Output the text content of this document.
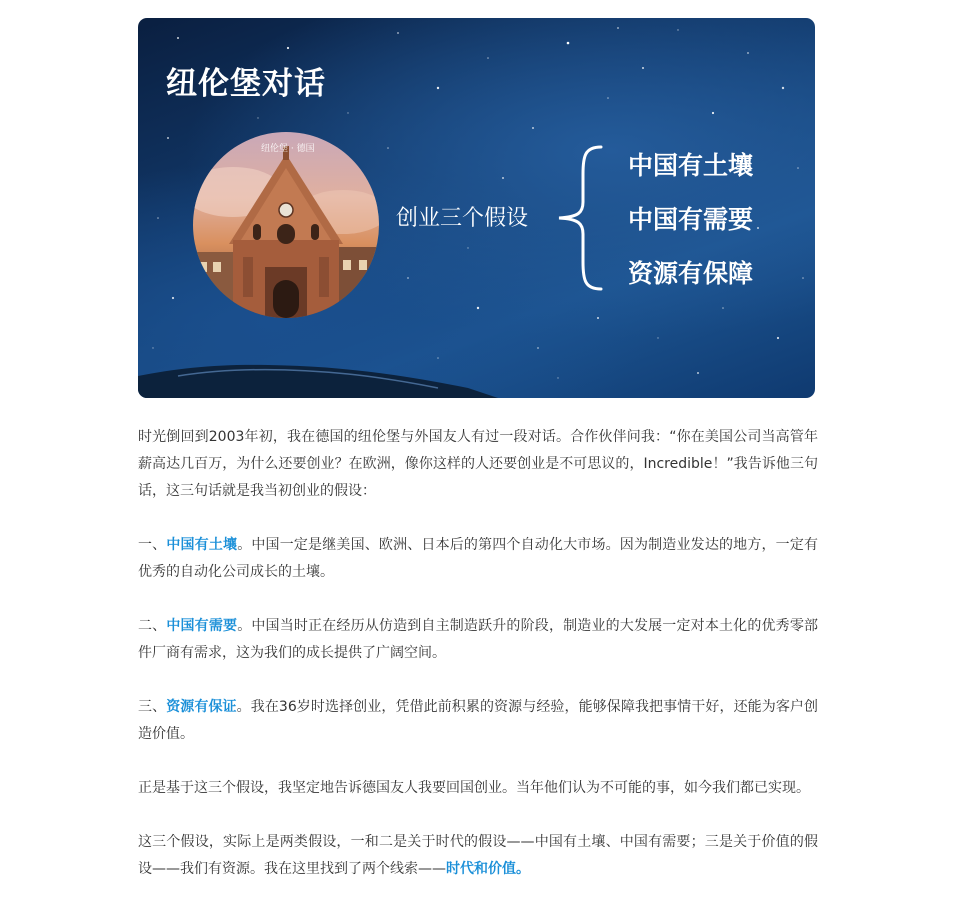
纽伦堡对话
纽伦堡 · 德国
创业三个假设
中国有土壤
中国有需要
资源有保障

时光倒回到2003年初，我在德国的纽伦堡与外国友人有过一段对话。合作伙伴问我：“你在美国公司当高管年薪高达几百万，为什么还要创业？在欧洲，像你这样的人还要创业是不可思议的，Incredible！”我告诉他三句话，这三句话就是我当初创业的假设：

一、中国有土壤。中国一定是继美国、欧洲、日本后的第四个自动化大市场。因为制造业发达的地方，一定有优秀的自动化公司成长的土壤。

二、中国有需要。中国当时正在经历从仿造到自主制造跃升的阶段，制造业的大发展一定对本土化的优秀零部件厂商有需求，这为我们的成长提供了广阔空间。

三、资源有保证。我在36岁时选择创业，凭借此前积累的资源与经验，能够保障我把事情干好，还能为客户创造价值。

正是基于这三个假设，我坚定地告诉德国友人我要回国创业。当年他们认为不可能的事，如今我们都已实现。

这三个假设，实际上是两类假设，一和二是关于时代的假设——中国有土壤、中国有需要；三是关于价值的假设——我们有资源。我在这里找到了两个线索——时代和价值。
